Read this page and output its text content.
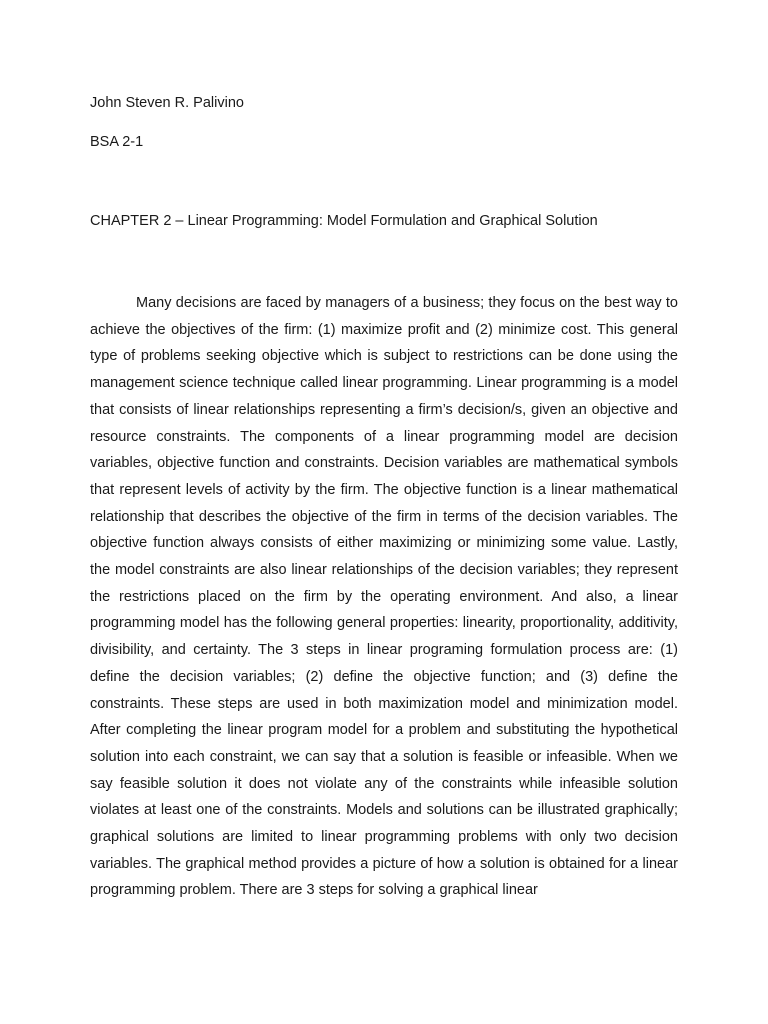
John Steven R. Palivino
BSA 2-1
CHAPTER 2 – Linear Programming: Model Formulation and Graphical Solution

Many decisions are faced by managers of a business; they focus on the best way to achieve the objectives of the firm: (1) maximize profit and (2) minimize cost. This general type of problems seeking objective which is subject to restrictions can be done using the management science technique called linear programming. Linear programming is a model that consists of linear relationships representing a firm’s decision/s, given an objective and resource constraints. The components of a linear programming model are decision variables, objective function and constraints. Decision variables are mathematical symbols that represent levels of activity by the firm. The objective function is a linear mathematical relationship that describes the objective of the firm in terms of the decision variables. The objective function always consists of either maximizing or minimizing some value. Lastly, the model constraints are also linear relationships of the decision variables; they represent the restrictions placed on the firm by the operating environment. And also, a linear programming model has the following general properties: linearity, proportionality, additivity, divisibility, and certainty. The 3 steps in linear programing formulation process are: (1) define the decision variables; (2) define the objective function; and (3) define the constraints. These steps are used in both maximization model and minimization model. After completing the linear program model for a problem and substituting the hypothetical solution into each constraint, we can say that a solution is feasible or infeasible. When we say feasible solution it does not violate any of the constraints while infeasible solution violates at least one of the constraints. Models and solutions can be illustrated graphically; graphical solutions are limited to linear programming problems with only two decision variables. The graphical method provides a picture of how a solution is obtained for a linear programming problem. There are 3 steps for solving a graphical linear
